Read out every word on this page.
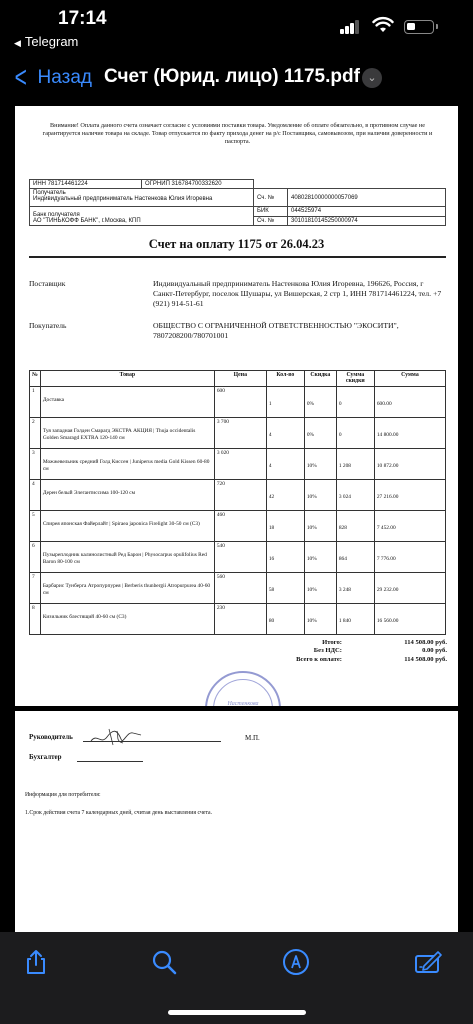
17:14
◀ Telegram
< Назад Счет (Юрид. лицо) 1175.pdf ⌄
Внимание! Оплата данного счета означает согласие с условиями поставки товара. Уведомление об оплате обязательно, в противном случае не гарантируется наличие товара на складе. Товар отпускается по факту прихода денег на р/с Поставщика, самовывозом, при наличии доверенности и паспорта.
ИНН 781714461224	ОГРНИП 316784700332620		

Получатель
Индивидуальный предприниматель Настенкова Юлия Игоревна		Сч. №	40802810000000057069

Банк получателя
АО "ТИНЬКОФФ БАНК", г.Москва, КПП		БИК	044525974
		Сч. №	30101810145250000974
Счет на оплату 1175 от 26.04.23
Поставщик	Индивидуальный предприниматель Настенкова Юлия Игоревна, 196626, Россия, г Санкт-Петербург, поселок Шушары, ул Вишерская, 2 стр 1, ИНН 781714461224, тел. +7 (921) 914-51-61
Покупатель	ОБЩЕСТВО С ОГРАНИЧЕННОЙ ОТВЕТСТВЕННОСТЬЮ "ЭКОСИТИ", 7807208200/780701001
№	Товар	Цена	Кол-во	Скидка	Сумма скидки	Сумма
1	Доставка	600	1	0%	0	600.00
2	Туя западная Голден Смарагд ЭКСТРА АКЦИЯ | Thuja occidentalis Golden Smaragd EXTRA 120-140 см	3 700	4	0%	0	14 800.00
3	Можжевельник средний Голд Киссен | Juniperus media Gold Kissen 60-80 см	3 020	4	10%	1 208	10 872.00
4	Дерен белый Элегантиссима 100-120 см	720	42	10%	3 024	27 216.00
5	Спирея японская Файерлайт | Spiraea japonica Firelight 30-50 см (С3)	460	18	10%	828	7 452.00
6	Пузыреплодник калинолистный Ред Барон | Physocarpus opulifolius Red Baron 80-100 см	540	16	10%	864	7 776.00
7	Барбарис Тунберга Атропурпурея | Berberis thunbergii Atropurpurea 40-60 см	560	58	10%	3 248	29 232.00
8	Кизильник блестящий 40-60 см (С3)	230	80	10%	1 840	16 560.00
Итого:	114 508.00 руб.
Без НДС:	0.00 руб.
Всего к оплате:	114 508.00 руб.
Настенкова
Руководитель	М.П.
Бухгалтер
Информация для потребителя:
1.Срок действия счета 7 календарных дней, считая день выставления счета.
